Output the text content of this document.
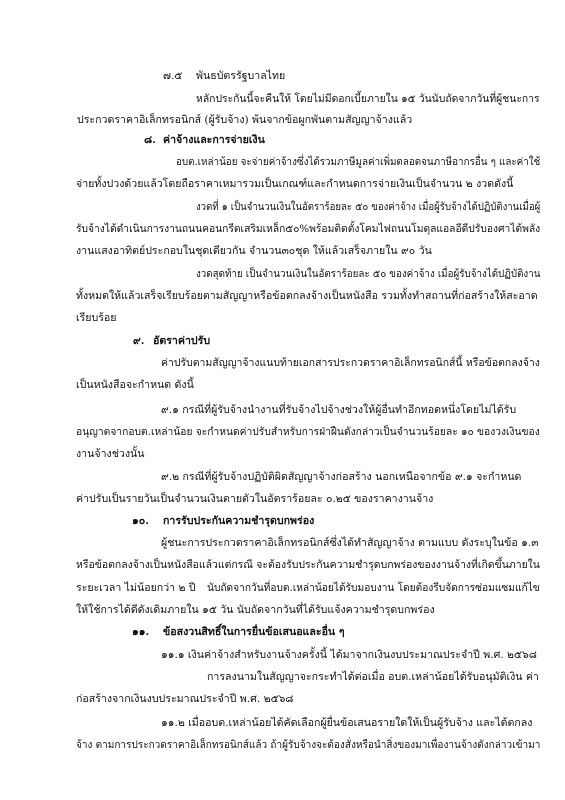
๗.๕ พันธบัตรรัฐบาลไทย
หลักประกันนี้จะคืนให้ โดยไม่มีดอกเบี้ยภายใน ๑๕ วันนับถัดจากวันที่ผู้ชนะการ
ประกวดราคาอิเล็กทรอนิกส์ (ผู้รับจ้าง) พ้นจากข้อผูกพันตามสัญญาจ้างแล้ว
๘. ค่าจ้างและการจ่ายเงิน
อบต.เหล่าน้อย จะจ่ายค่าจ้างซึ่งได้รวมภาษีมูลค่าเพิ่มตลอดจนภาษีอากรอื่น ๆ และค่าใช้
จ่ายทั้งปวงด้วยแล้วโดยถือราคาเหมารวมเป็นเกณฑ์และกำหนดการจ่ายเงินเป็นจำนวน ๒ งวดดังนี้
งวดที่ ๑ เป็นจำนวนเงินในอัตราร้อยละ ๕๐ ของค่าจ้าง เมื่อผู้รับจ้างได้ปฏิบัติงานเมื่อผู้
รับจ้างได้ดำเนินการงานถนนคอนกรีตเสริมเหล็ก๕๐%พร้อมติดตั้งโคมไฟถนนโมดุลแอลอีดีปรับองศาได้พลัง
งานแสงอาทิตย์ประกอบในชุดเดียวกัน จำนวน๓๐ชุด ให้แล้วเสร็จภายใน ๙๐ วัน
งวดสุดท้าย เป็นจำนวนเงินในอัตราร้อยละ ๕๐ ของค่าจ้าง เมื่อผู้รับจ้างได้ปฏิบัติงาน
ทั้งหมดให้แล้วเสร็จเรียบร้อยตามสัญญาหรือข้อตกลงจ้างเป็นหนังสือ รวมทั้งทำสถานที่ก่อสร้างให้สะอาด
เรียบร้อย
๙. อัตราค่าปรับ
ค่าปรับตามสัญญาจ้างแนบท้ายเอกสารประกวดราคาอิเล็กทรอนิกส์นี้ หรือข้อตกลงจ้าง
เป็นหนังสือจะกำหนด ดังนี้
๙.๑ กรณีที่ผู้รับจ้างนำงานที่รับจ้างไปจ้างช่วงให้ผู้อื่นทำอีกทอดหนึ่งโดยไม่ได้รับ
อนุญาตจากอบต.เหล่าน้อย จะกำหนดค่าปรับสำหรับการฝ่าฝืนดังกล่าวเป็นจำนวนร้อยละ ๑๐ ของวงเงินของ
งานจ้างช่วงนั้น
๙.๒ กรณีที่ผู้รับจ้างปฏิบัติผิดสัญญาจ้างก่อสร้าง นอกเหนือจากข้อ ๙.๑ จะกำหนด
ค่าปรับเป็นรายวันเป็นจำนวนเงินตายตัวในอัตราร้อยละ ๐.๒๕ ของราคางานจ้าง
๑๐. การรับประกันความชำรุดบกพร่อง
ผู้ชนะการประกวดราคาอิเล็กทรอนิกส์ซึ่งได้ทำสัญญาจ้าง ตามแบบ ดังระบุในข้อ ๑.๓
หรือข้อตกลงจ้างเป็นหนังสือแล้วแต่กรณี จะต้องรับประกันความชำรุดบกพร่องของงานจ้างที่เกิดขึ้นภายใน
ระยะเวลา ไม่น้อยกว่า ๒ ปี นับถัดจากวันที่อบต.เหล่าน้อยได้รับมอบงาน โดยต้องรีบจัดการซ่อมแซมแก้ไข
ให้ใช้การได้ดีดังเดิมภายใน ๑๕ วัน นับถัดจากวันที่ได้รับแจ้งความชำรุดบกพร่อง
๑๑. ข้อสงวนสิทธิ์ในการยื่นข้อเสนอและอื่น ๆ
๑๑.๑ เงินค่าจ้างสำหรับงานจ้างครั้งนี้ ได้มาจากเงินงบประมาณประจำปี พ.ศ. ๒๕๖๘
การลงนามในสัญญาจะกระทำได้ต่อเมื่อ อบต.เหล่าน้อยได้รับอนุมัติเงิน ค่า
ก่อสร้างจากเงินงบประมาณประจำปี พ.ศ. ๒๕๖๘
๑๑.๒ เมื่ออบต.เหล่าน้อยได้คัดเลือกผู้ยื่นข้อเสนอรายใดให้เป็นผู้รับจ้าง และได้ตกลง
จ้าง ตามการประกวดราคาอิเล็กทรอนิกส์แล้ว ถ้าผู้รับจ้างจะต้องสั่งหรือนำสิ่งของมาเพื่องานจ้างดังกล่าวเข้ามา
